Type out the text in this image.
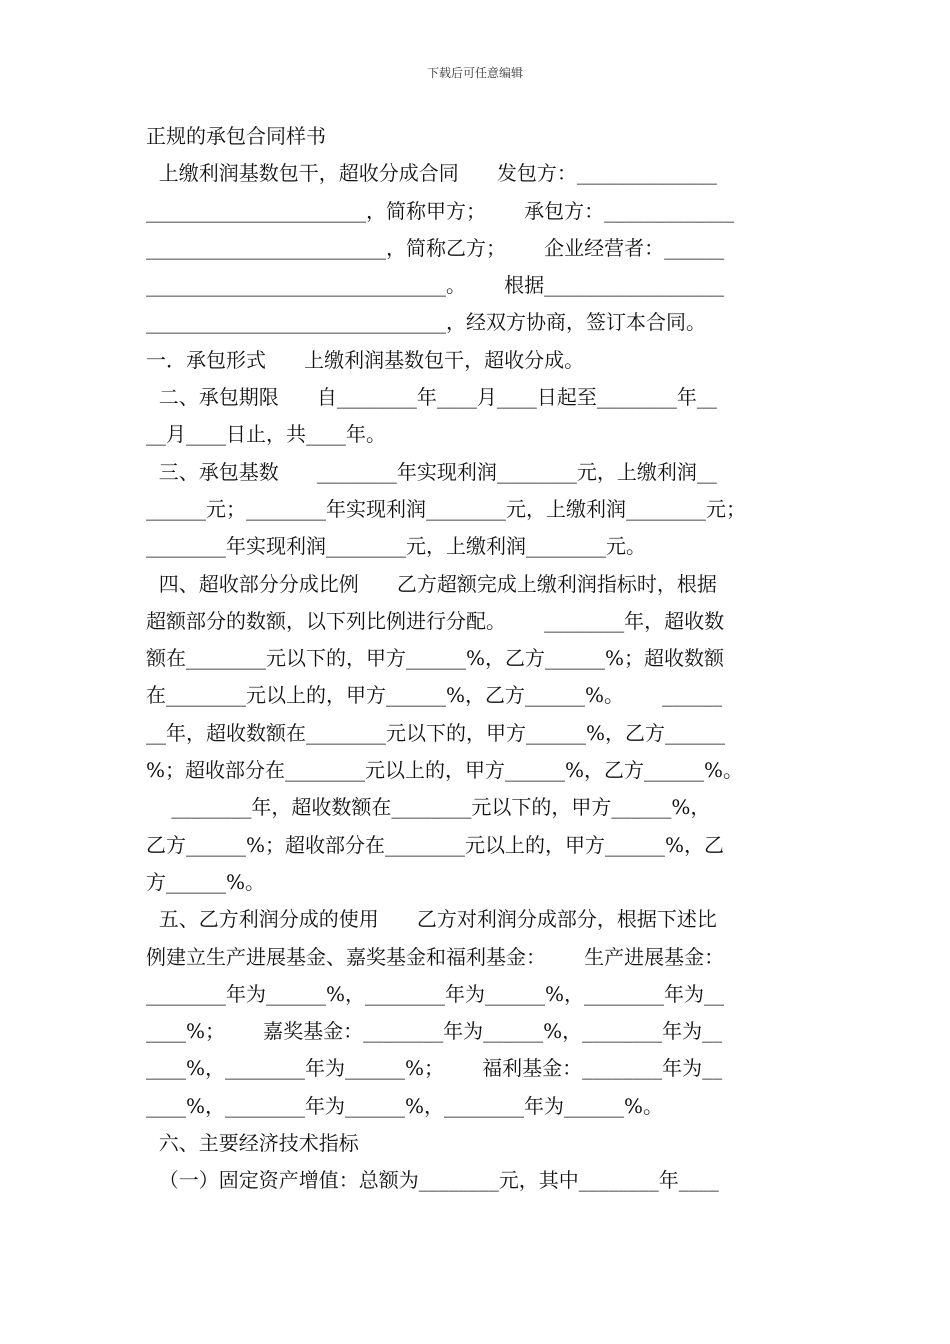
下载后可任意编辑
正规的承包合同样书
上缴利润基数包干，超收分成合同      发包方：______________
______________________，简称甲方；      承包方：_____________
________________________，简称乙方；      企业经营者：______
______________________________。      根据__________________
______________________________，经双方协商，签订本合同。
一．承包形式      上缴利润基数包干，超收分成。
二、承包期限      自________年____月____日起至________年__
__月____日止，共____年。
三、承包基数      ________年实现利润________元，上缴利润__
______元；________年实现利润________元，上缴利润________元；
________年实现利润________元，上缴利润________元。
四、超收部分分成比例      乙方超额完成上缴利润指标时，根据
超额部分的数额，以下列比例进行分配。      ________年，超收数
额在________元以下的，甲方______%，乙方______%；超收数额
在________元以上的，甲方______%，乙方______%。      ______
__年，超收数额在________元以下的，甲方______%，乙方______
%；超收部分在________元以上的，甲方______%，乙方______%。
________年，超收数额在________元以下的，甲方______%，
乙方______%；超收部分在________元以上的，甲方______%，乙
方______%。
五、乙方利润分成的使用      乙方对利润分成部分，根据下述比
例建立生产进展基金、嘉奖基金和福利基金：      生产进展基金：
________年为______%，________年为______%，________年为__
____%；      嘉奖基金：________年为______%，________年为__
____%，________年为______%；      福利基金：________年为__
____%，________年为______%，________年为______%。
六、主要经济技术指标
（一）固定资产增值：总额为________元，其中________年____
